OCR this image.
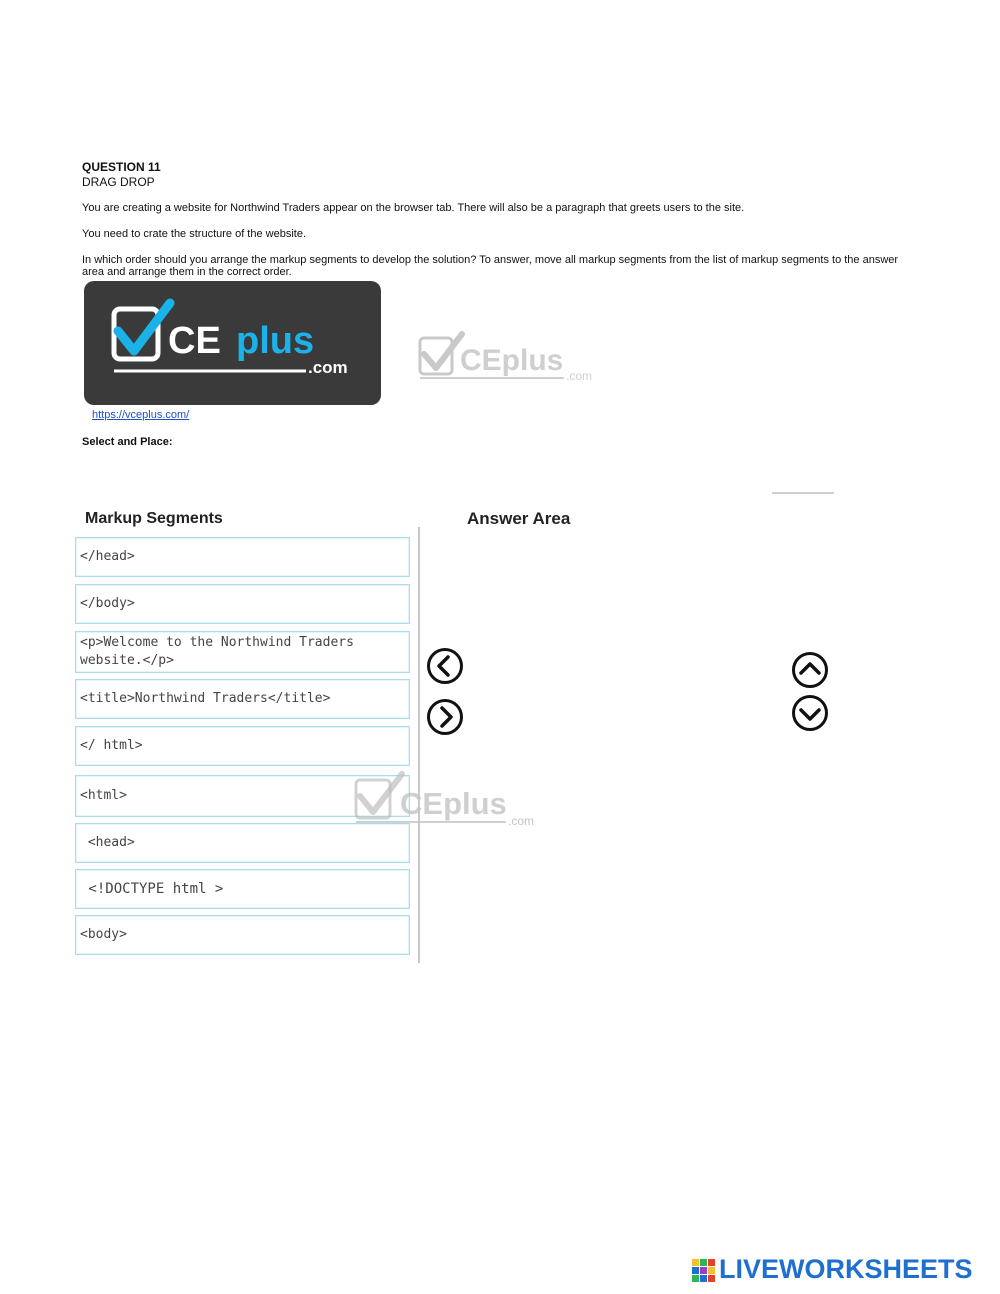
QUESTION 11
DRAG DROP
You are creating a website for Northwind Traders appear on the browser tab. There will also be a paragraph that greets users to the site.
You need to crate the structure of the website.
In which order should you arrange the markup segments to develop the solution? To answer, move all markup segments from the list of markup segments to the answer area and arrange them in the correct order.
CE plus
.com	CEplus .com
https://vceplus.com/
Select and Place:
Markup Segments	Answer Area
</head>
</body>
<p>Welcome to the Northwind Traders website.</p>
<title>Northwind Traders</title>
</ html>
<html>
<head>
<!DOCTYPE html >
<body>
CEplus .com
LIVEWORKSHEETS
